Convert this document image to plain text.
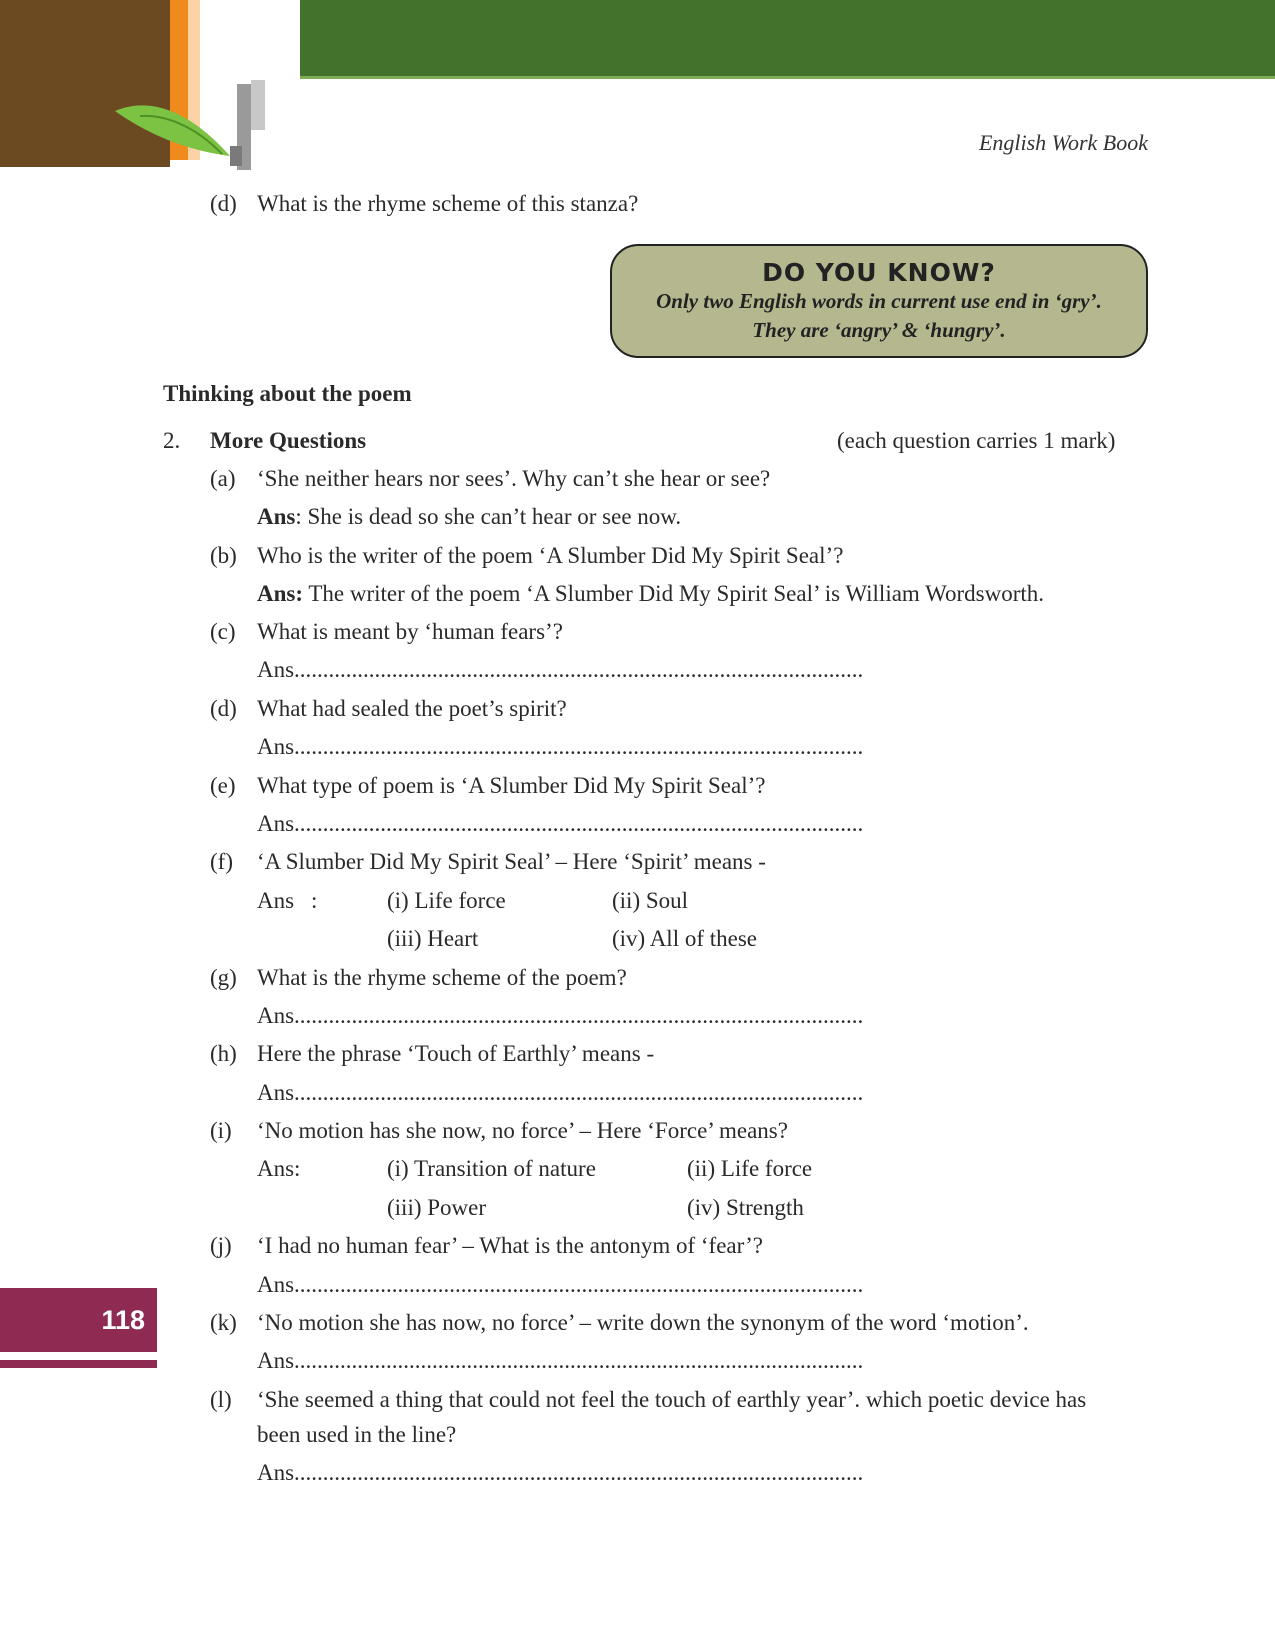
English Work Book
118
(d) What is the rhyme scheme of this stanza?
DO YOU KNOW?
Only two English words in current use end in ‘gry’.
They are ‘angry’ & ‘hungry’.
Thinking about the poem
2. More Questions	(each question carries 1 mark)
(a) ‘She neither hears nor sees’. Why can’t she hear or see?
Ans: She is dead so she can’t hear or see now.
(b) Who is the writer of the poem ‘A Slumber Did My Spirit Seal’?
Ans: The writer of the poem ‘A Slumber Did My Spirit Seal’ is William Wordsworth.
(c) What is meant by ‘human fears’?
Ans...................................................................................................
(d) What had sealed the poet’s spirit?
Ans...................................................................................................
(e) What type of poem is ‘A Slumber Did My Spirit Seal’?
Ans...................................................................................................
(f) ‘A Slumber Did My Spirit Seal’ – Here ‘Spirit’ means -
Ans :	(i) Life force	(ii) Soul
(iii) Heart	(iv) All of these
(g) What is the rhyme scheme of the poem?
Ans...................................................................................................
(h) Here the phrase ‘Touch of Earthly’ means -
Ans...................................................................................................
(i) ‘No motion has she now, no force’ – Here ‘Force’ means?
Ans:	(i) Transition of nature	(ii) Life force
(iii) Power	(iv) Strength
(j) ‘I had no human fear’ – What is the antonym of ‘fear’?
Ans...................................................................................................
(k) ‘No motion she has now, no force’ – write down the synonym of the word ‘motion’.
Ans...................................................................................................
(l) ‘She seemed a thing that could not feel the touch of earthly year’. which poetic device has
been used in the line?
Ans...................................................................................................
